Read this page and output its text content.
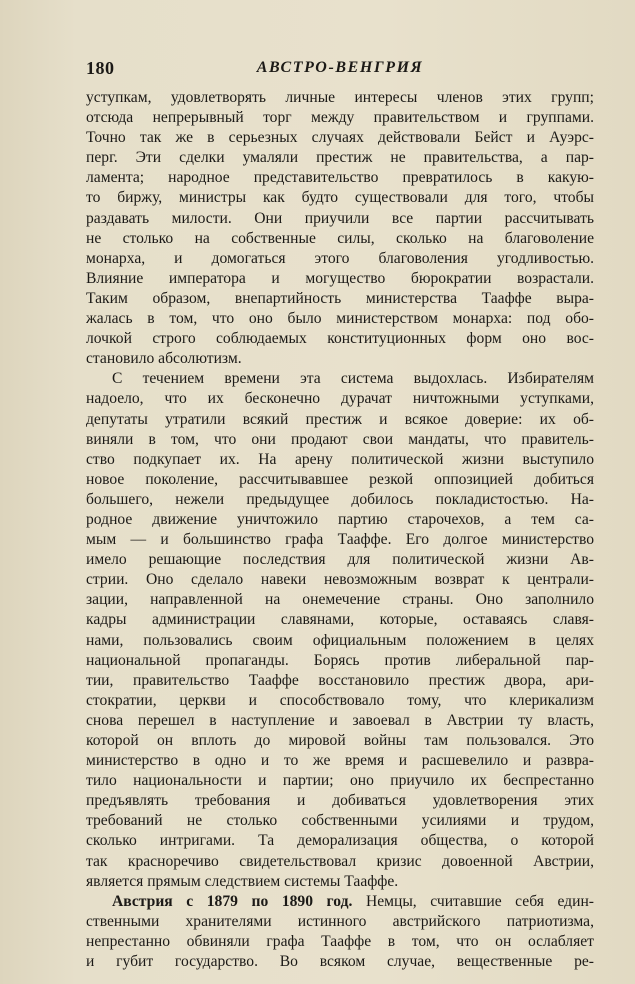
180	АВСТРО-ВЕНГРИЯ
уступкам, удовлетворять личные интересы членов этих групп;
отсюда непрерывный торг между правительством и группами.
Точно так же в серьезных случаях действовали Бейст и Ауэрс-
перг. Эти сделки умаляли престиж не правительства, а пар-
ламента; народное представительство превратилось в какую-
то биржу, министры как будто существовали для того, чтобы
раздавать милости. Они приучили все партии рассчитывать
не столько на собственные силы, сколько на благоволение
монарха, и домогаться этого благоволения угодливостью.
Влияние императора и могущество бюрократии возрастали.
Таким образом, внепартийность министерства Тааффе выра-
жалась в том, что оно было министерством монарха: под обо-
лочкой строго соблюдаемых конституционных форм оно вос-
становило абсолютизм.
С течением времени эта система выдохлась. Избирателям
надоело, что их бесконечно дурачат ничтожными уступками,
депутаты утратили всякий престиж и всякое доверие: их об-
виняли в том, что они продают свои мандаты, что правитель-
ство подкупает их. На арену политической жизни выступило
новое поколение, рассчитывавшее резкой оппозицией добиться
большего, нежели предыдущее добилось покладистостью. На-
родное движение уничтожило партию старочехов, а тем са-
мым — и большинство графа Тааффе. Его долгое министерство
имело решающие последствия для политической жизни Ав-
стрии. Оно сделало навеки невозможным возврат к централи-
зации, направленной на онемечение страны. Оно заполнило
кадры администрации славянами, которые, оставаясь славя-
нами, пользовались своим официальным положением в целях
национальной пропаганды. Борясь против либеральной пар-
тии, правительство Тааффе восстановило престиж двора, ари-
стократии, церкви и способствовало тому, что клерикализм
снова перешел в наступление и завоевал в Австрии ту власть,
которой он вплоть до мировой войны там пользовался. Это
министерство в одно и то же время и расшевелило и развра-
тило национальности и партии; оно приучило их беспрестанно
предъявлять требования и добиваться удовлетворения этих
требований не столько собственными усилиями и трудом,
сколько интригами. Та деморализация общества, о которой
так красноречиво свидетельствовал кризис довоенной Австрии,
является прямым следствием системы Тааффе.
Австрия с 1879 по 1890 год. Немцы, считавшие себя един-
ственными хранителями истинного австрийского патриотизма,
непрестанно обвиняли графа Тааффе в том, что он ослабляет
и губит государство. Во всяком случае, вещественные ре-
